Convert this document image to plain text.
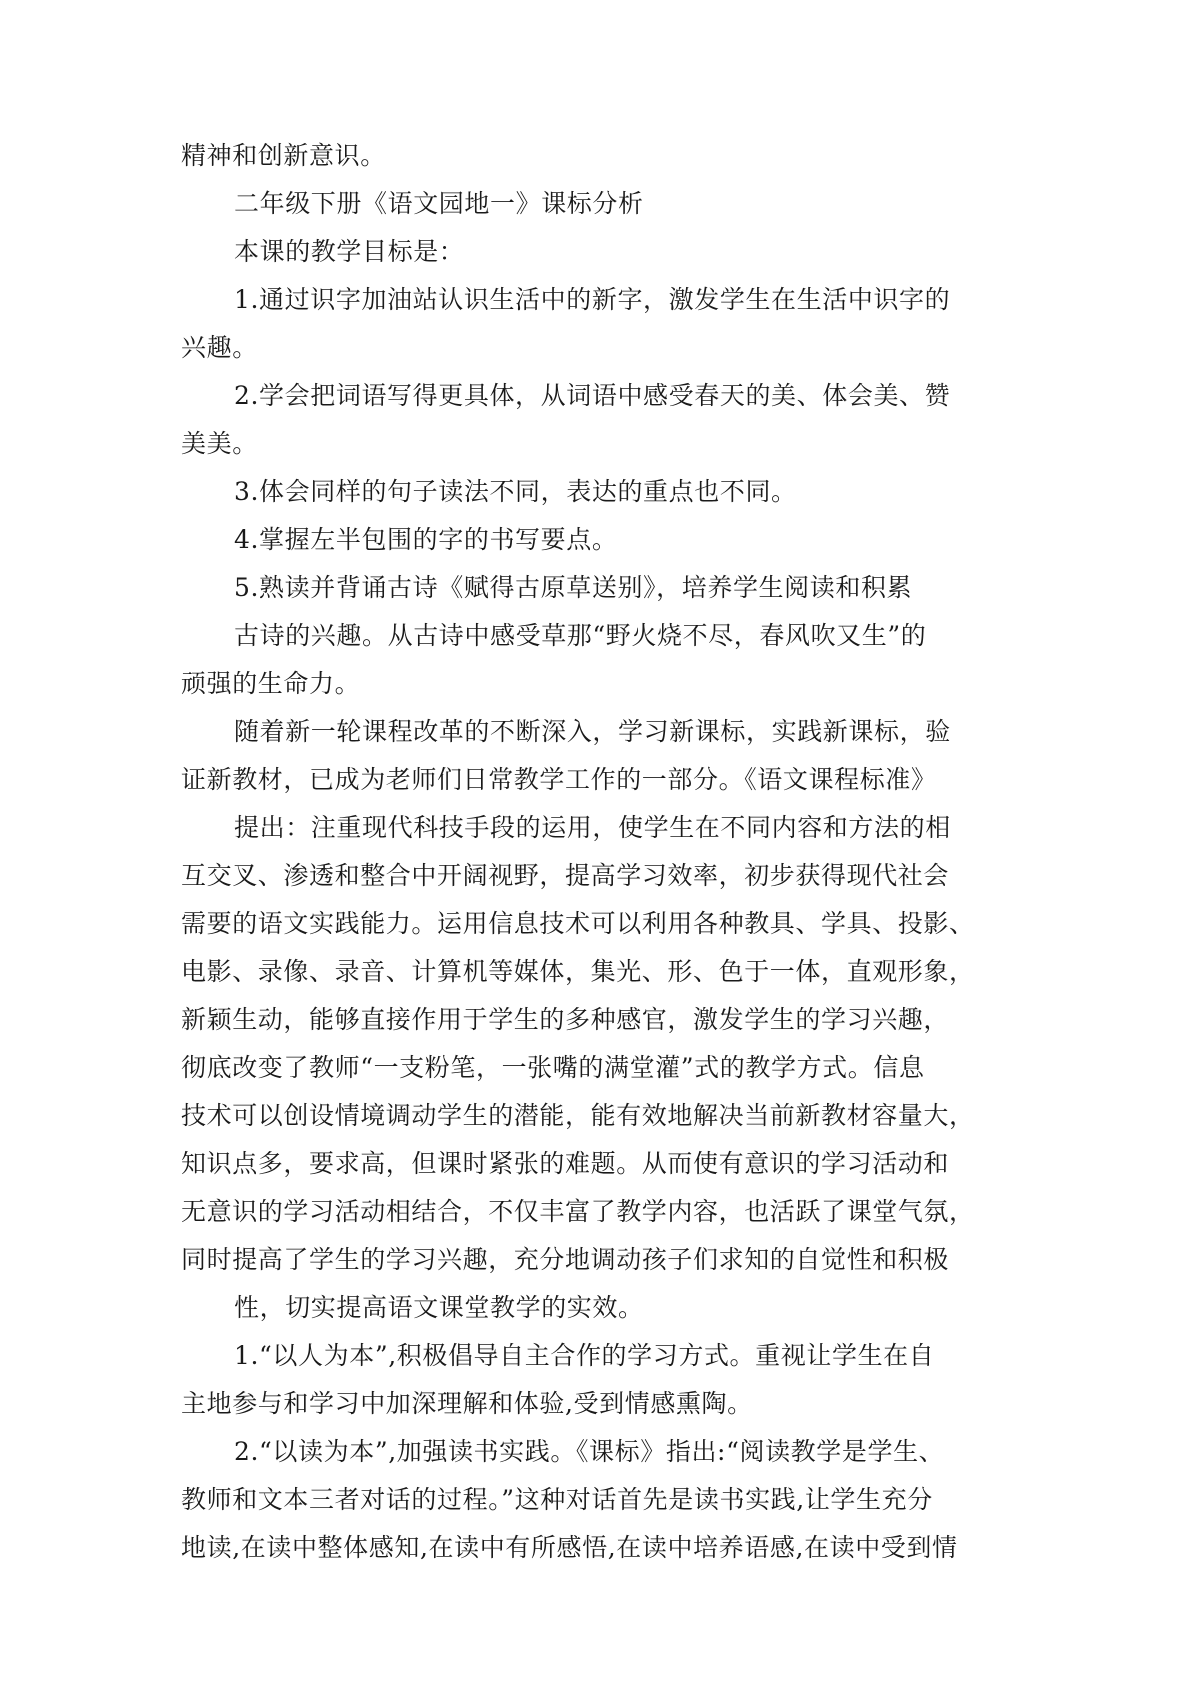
精神和创新意识。
二年级下册《语文园地一》课标分析
本课的教学目标是：
1.通过识字加油站认识生活中的新字，激发学生在生活中识字的
兴趣。
2.学会把词语写得更具体，从词语中感受春天的美、体会美、赞
美美。
3.体会同样的句子读法不同，表达的重点也不同。
4.掌握左半包围的字的书写要点。
5.熟读并背诵古诗《赋得古原草送别》，培养学生阅读和积累
古诗的兴趣。从古诗中感受草那“野火烧不尽，春风吹又生”的
顽强的生命力。
随着新一轮课程改革的不断深入，学习新课标，实践新课标，验
证新教材，已成为老师们日常教学工作的一部分。《语文课程标准》
提出：注重现代科技手段的运用，使学生在不同内容和方法的相
互交叉、渗透和整合中开阔视野，提高学习效率，初步获得现代社会
需要的语文实践能力。运用信息技术可以利用各种教具、学具、投影、
电影、录像、录音、计算机等媒体，集光、形、色于一体，直观形象，
新颖生动，能够直接作用于学生的多种感官，激发学生的学习兴趣，
彻底改变了教师“一支粉笔，一张嘴的满堂灌”式的教学方式。信息
技术可以创设情境调动学生的潜能，能有效地解决当前新教材容量大，
知识点多，要求高，但课时紧张的难题。从而使有意识的学习活动和
无意识的学习活动相结合，不仅丰富了教学内容，也活跃了课堂气氛，
同时提高了学生的学习兴趣，充分地调动孩子们求知的自觉性和积极
性，切实提高语文课堂教学的实效。
1.“以人为本”,积极倡导自主合作的学习方式。重视让学生在自
主地参与和学习中加深理解和体验,受到情感熏陶。
2.“以读为本”,加强读书实践。《课标》指出:“阅读教学是学生、
教师和文本三者对话的过程。”这种对话首先是读书实践,让学生充分
地读,在读中整体感知,在读中有所感悟,在读中培养语感,在读中受到情
